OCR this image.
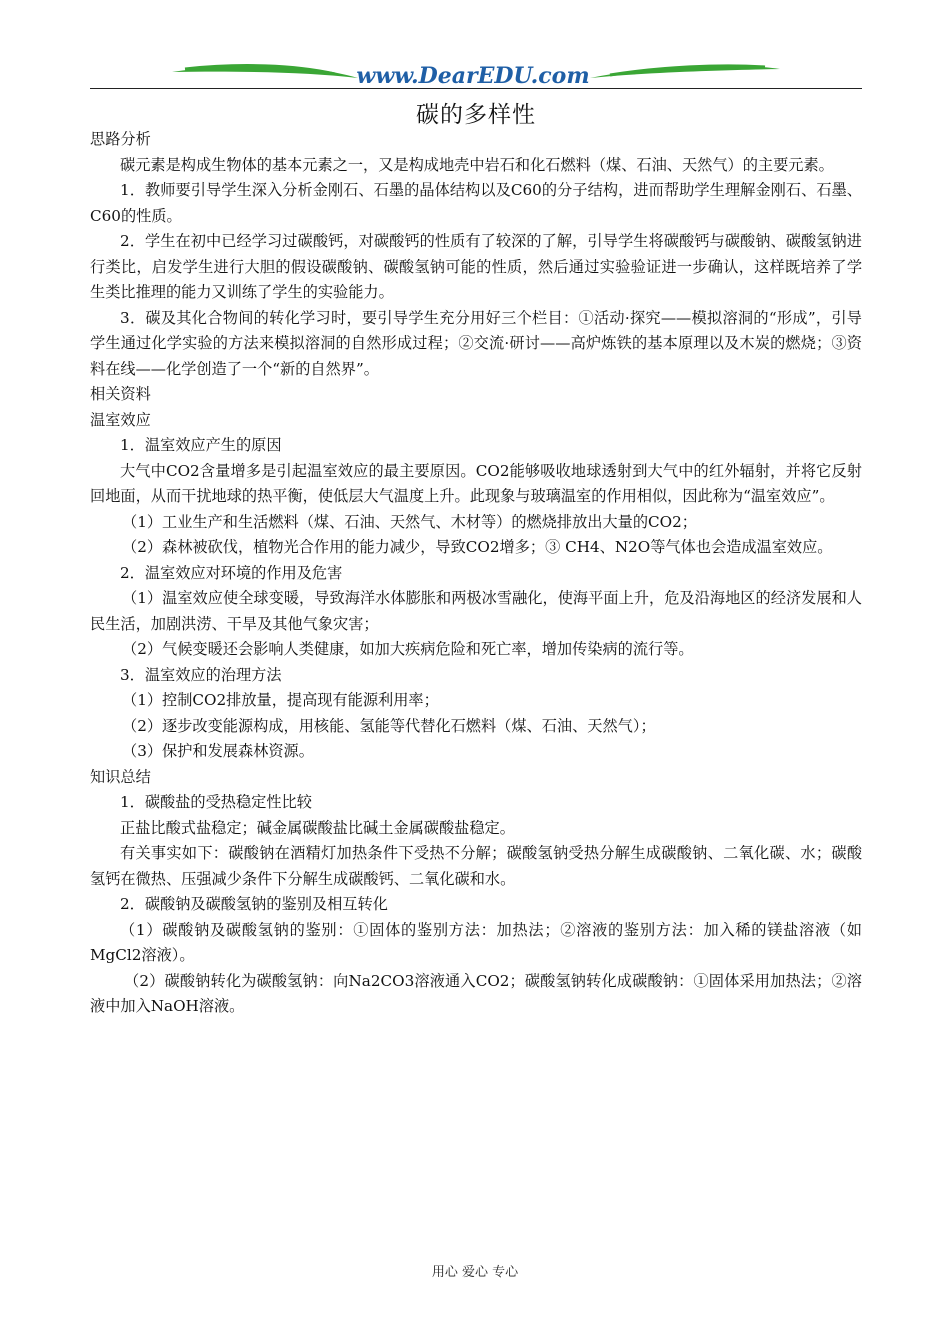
www.DearEDU.com
碳的多样性

思路分析

碳元素是构成生物体的基本元素之一，又是构成地壳中岩石和化石燃料（煤、石油、天然气）的主要元素。

1．教师要引导学生深入分析金刚石、石墨的晶体结构以及C60的分子结构，进而帮助学生理解金刚石、石墨、C60的性质。

2．学生在初中已经学习过碳酸钙，对碳酸钙的性质有了较深的了解，引导学生将碳酸钙与碳酸钠、碳酸氢钠进行类比，启发学生进行大胆的假设碳酸钠、碳酸氢钠可能的性质，然后通过实验验证进一步确认，这样既培养了学生类比推理的能力又训练了学生的实验能力。

3．碳及其化合物间的转化学习时，要引导学生充分用好三个栏目：①活动·探究——模拟溶洞的“形成”，引导学生通过化学实验的方法来模拟溶洞的自然形成过程；②交流·研讨——高炉炼铁的基本原理以及木炭的燃烧；③资料在线——化学创造了一个“新的自然界”。

相关资料

温室效应

1．温室效应产生的原因

大气中CO2含量增多是引起温室效应的最主要原因。CO2能够吸收地球透射到大气中的红外辐射，并将它反射回地面，从而干扰地球的热平衡，使低层大气温度上升。此现象与玻璃温室的作用相似，因此称为“温室效应”。

（1）工业生产和生活燃料（煤、石油、天然气、木材等）的燃烧排放出大量的CO2；

（2）森林被砍伐，植物光合作用的能力减少，导致CO2增多；③ CH4、N2O等气体也会造成温室效应。

2．温室效应对环境的作用及危害

（1）温室效应使全球变暖，导致海洋水体膨胀和两极冰雪融化，使海平面上升，危及沿海地区的经济发展和人民生活，加剧洪涝、干旱及其他气象灾害；

（2）气候变暖还会影响人类健康，如加大疾病危险和死亡率，增加传染病的流行等。

3．温室效应的治理方法

（1）控制CO2排放量，提高现有能源利用率；

（2）逐步改变能源构成，用核能、氢能等代替化石燃料（煤、石油、天然气）；

（3）保护和发展森林资源。

知识总结

1．碳酸盐的受热稳定性比较

正盐比酸式盐稳定；碱金属碳酸盐比碱土金属碳酸盐稳定。

有关事实如下：碳酸钠在酒精灯加热条件下受热不分解；碳酸氢钠受热分解生成碳酸钠、二氧化碳、水；碳酸氢钙在微热、压强减少条件下分解生成碳酸钙、二氧化碳和水。

2．碳酸钠及碳酸氢钠的鉴别及相互转化

（1）碳酸钠及碳酸氢钠的鉴别：①固体的鉴别方法：加热法；②溶液的鉴别方法：加入稀的镁盐溶液（如MgCl2溶液）。

（2）碳酸钠转化为碳酸氢钠：向Na2CO3溶液通入CO2；碳酸氢钠转化成碳酸钠：①固体采用加热法；②溶液中加入NaOH溶液。

用心 爱心 专心
